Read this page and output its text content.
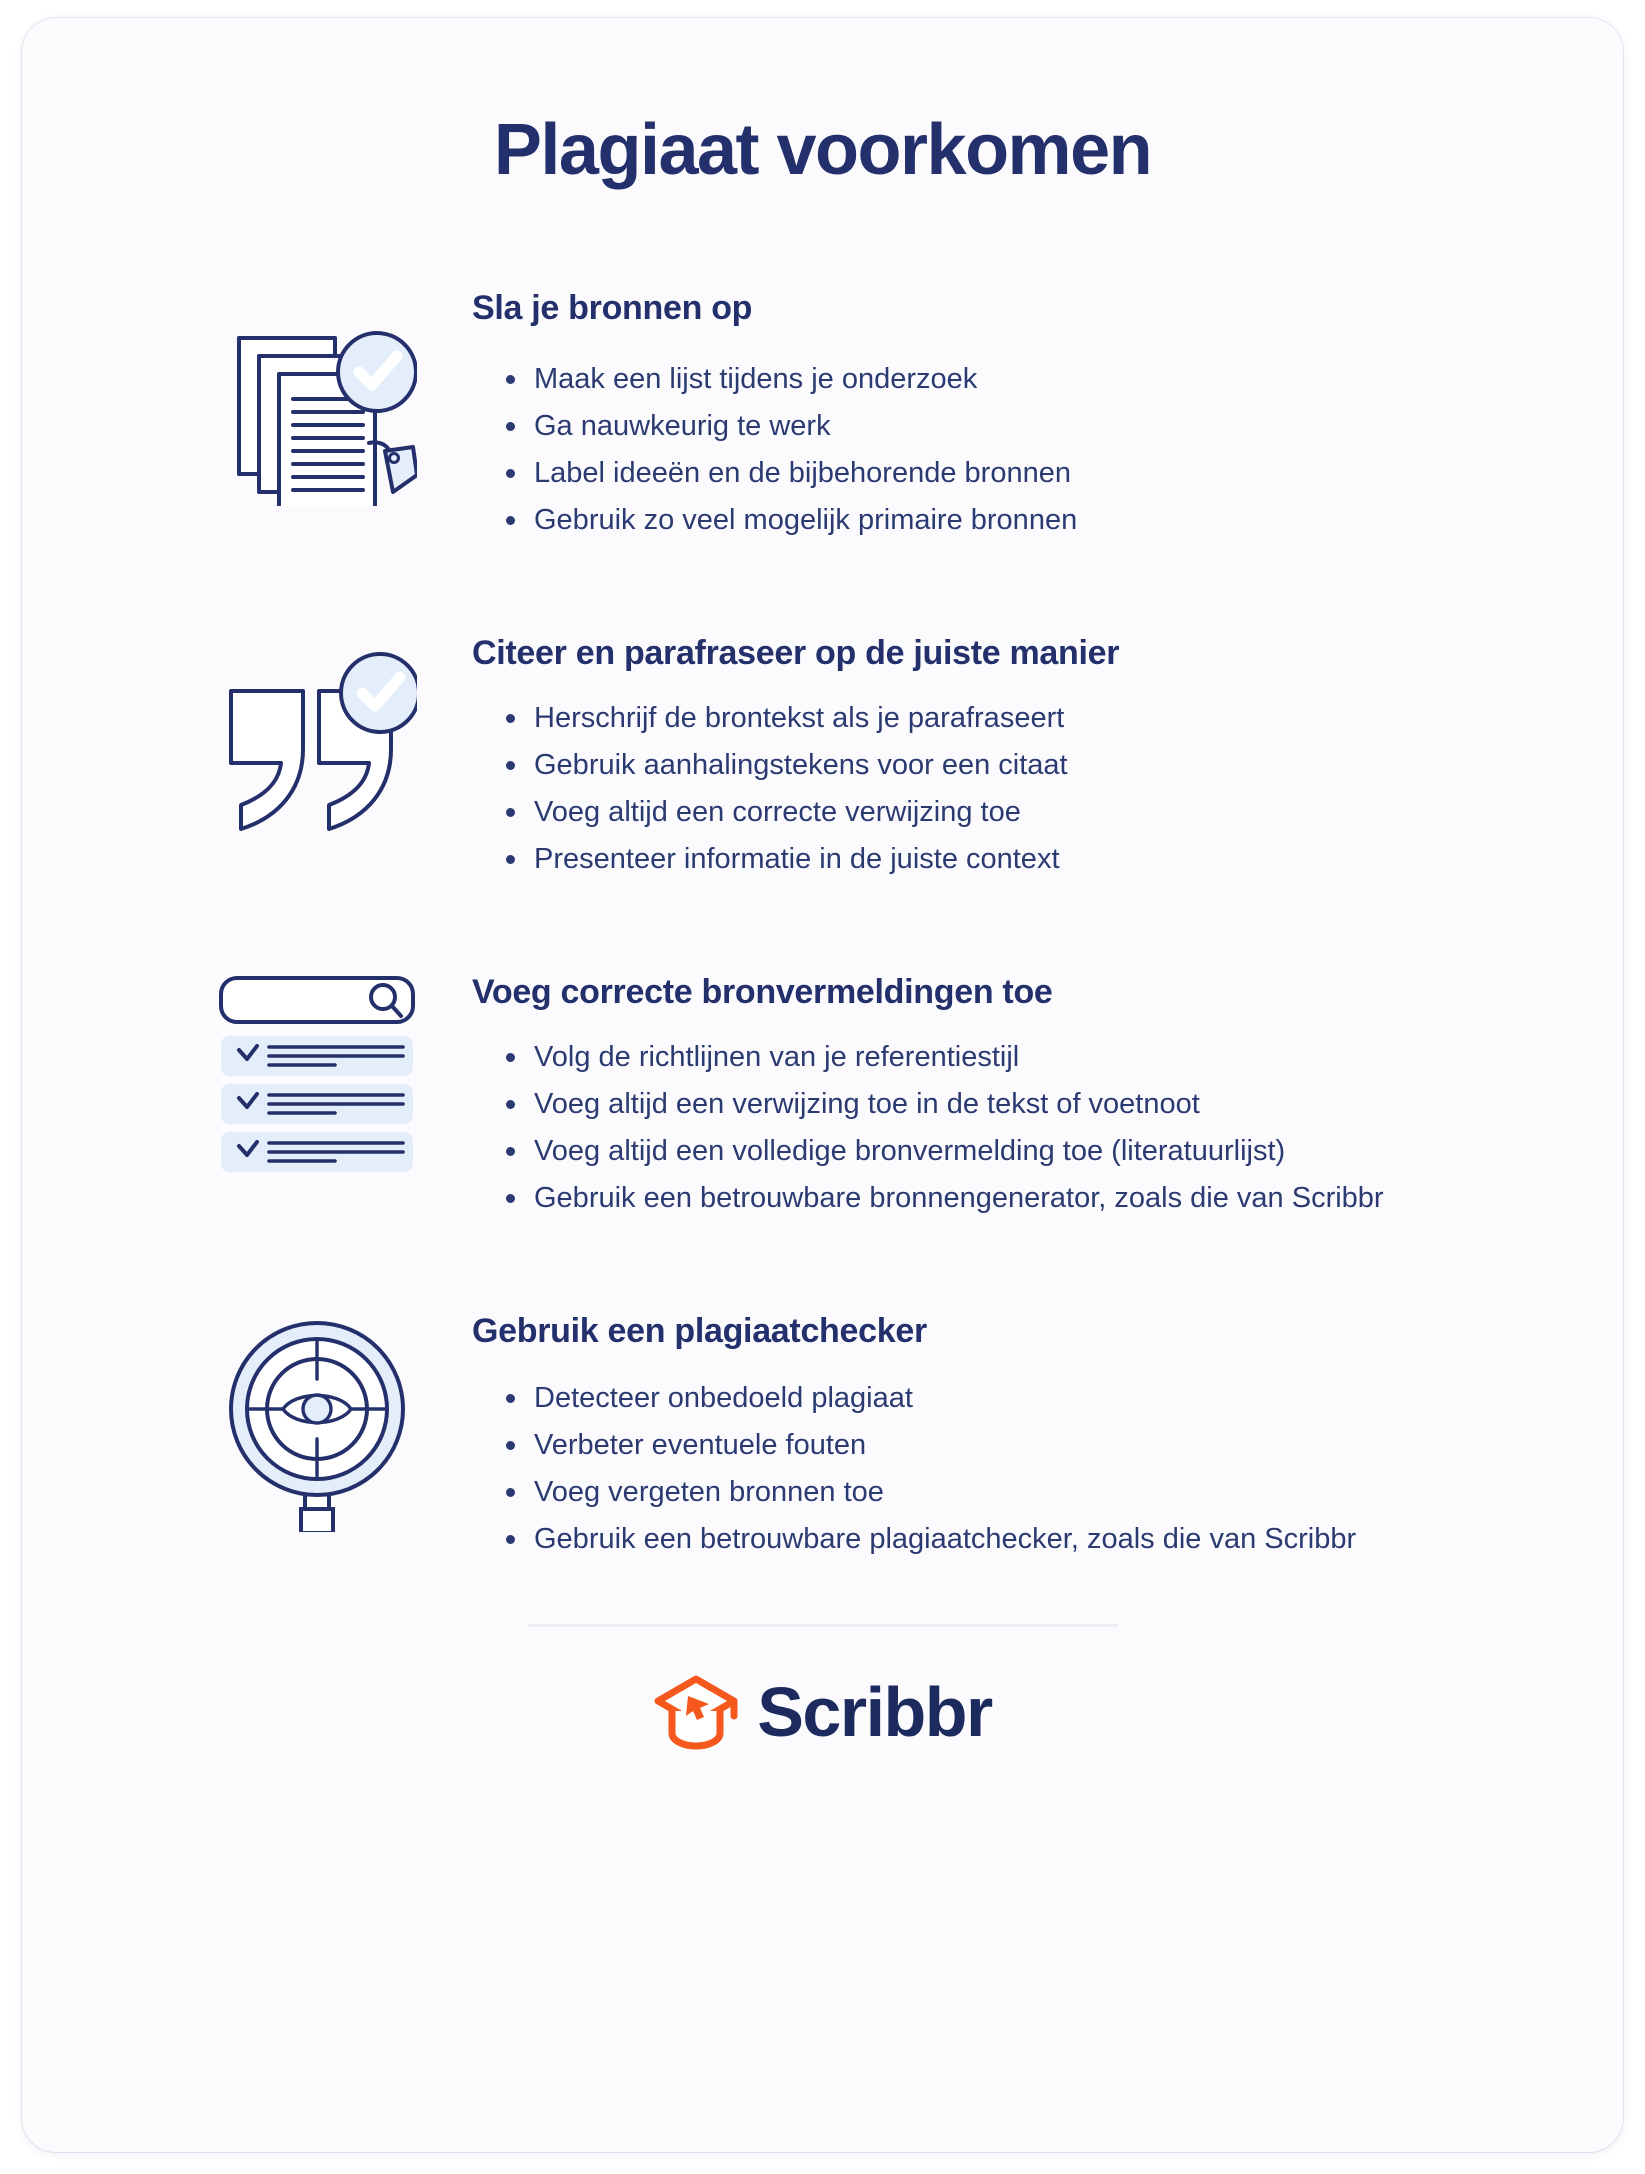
Plagiaat voorkomen
Sla je bronnen op
Maak een lijst tijdens je onderzoek
Ga nauwkeurig te werk
Label ideeën en de bijbehorende bronnen
Gebruik zo veel mogelijk primaire bronnen
Citeer en parafraseer op de juiste manier
Herschrijf de brontekst als je parafraseert
Gebruik aanhalingstekens voor een citaat
Voeg altijd een correcte verwijzing toe
Presenteer informatie in de juiste context
Voeg correcte bronvermeldingen toe
Volg de richtlijnen van je referentiestijl
Voeg altijd een verwijzing toe in de tekst of voetnoot
Voeg altijd een volledige bronvermelding toe (literatuurlijst)
Gebruik een betrouwbare bronnengenerator, zoals die van Scribbr
Gebruik een plagiaatchecker
Detecteer onbedoeld plagiaat
Verbeter eventuele fouten
Voeg vergeten bronnen toe
Gebruik een betrouwbare plagiaatchecker, zoals die van Scribbr
Scribbr
